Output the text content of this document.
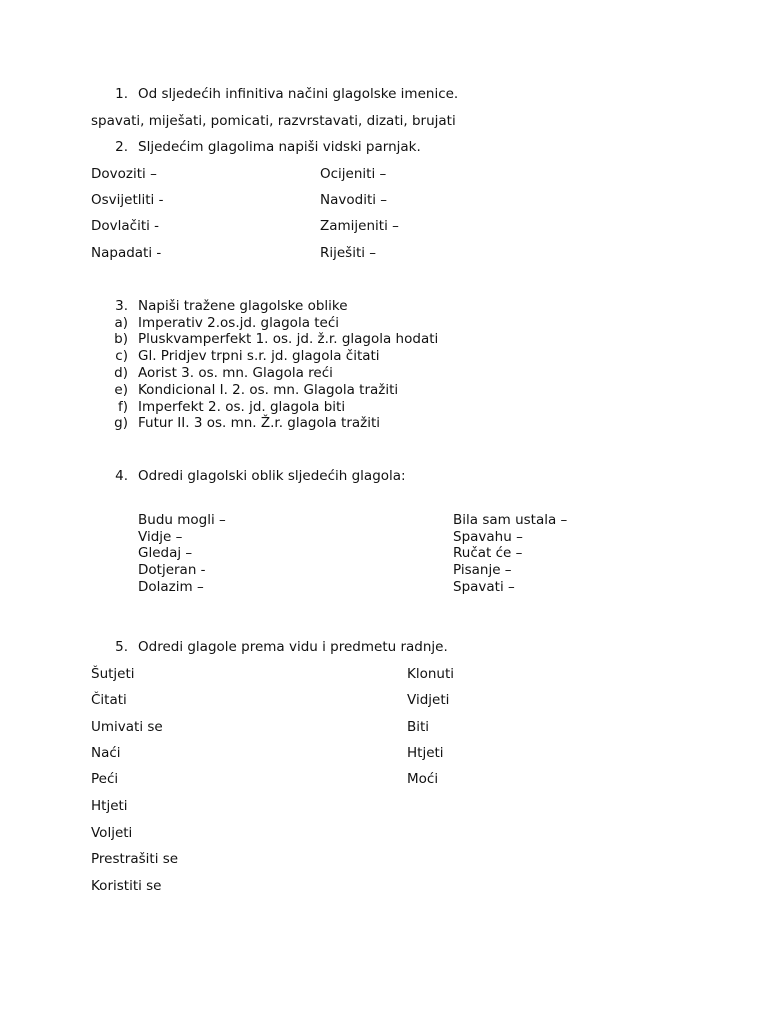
1. Od sljedećih infinitiva načini glagolske imenice.
spavati, miješati, pomicati, razvrstavati, dizati, brujati
2. Sljedećim glagolima napiši vidski parnjak.
Dovoziti –
Osvijetliti -
Dovlačiti -
Napadati -
Ocijeniti –
Navoditi –
Zamijeniti –
Riješiti –
3. Napiši tražene glagolske oblike
a) Imperativ 2.os.jd. glagola teći
b) Pluskvamperfekt 1. os. jd. ž.r. glagola hodati
c) Gl. Pridjev trpni s.r. jd. glagola čitati
d) Aorist 3. os. mn. Glagola reći
e) Kondicional I. 2. os. mn. Glagola tražiti
f) Imperfekt 2. os. jd. glagola biti
g) Futur II. 3 os. mn. Ž.r. glagola tražiti
4. Odredi glagolski oblik sljedećih glagola:
Budu mogli –
Vidje –
Gledaj –
Dotjeran -
Dolazim –
Bila sam ustala –
Spavahu –
Ručat će –
Pisanje –
Spavati –
5. Odredi glagole prema vidu i predmetu radnje.
Šutjeti
Čitati
Umivati se
Naći
Peći
Htjeti
Voljeti
Prestrašiti se
Koristiti se
Klonuti
Vidjeti
Biti
Htjeti
Moći
